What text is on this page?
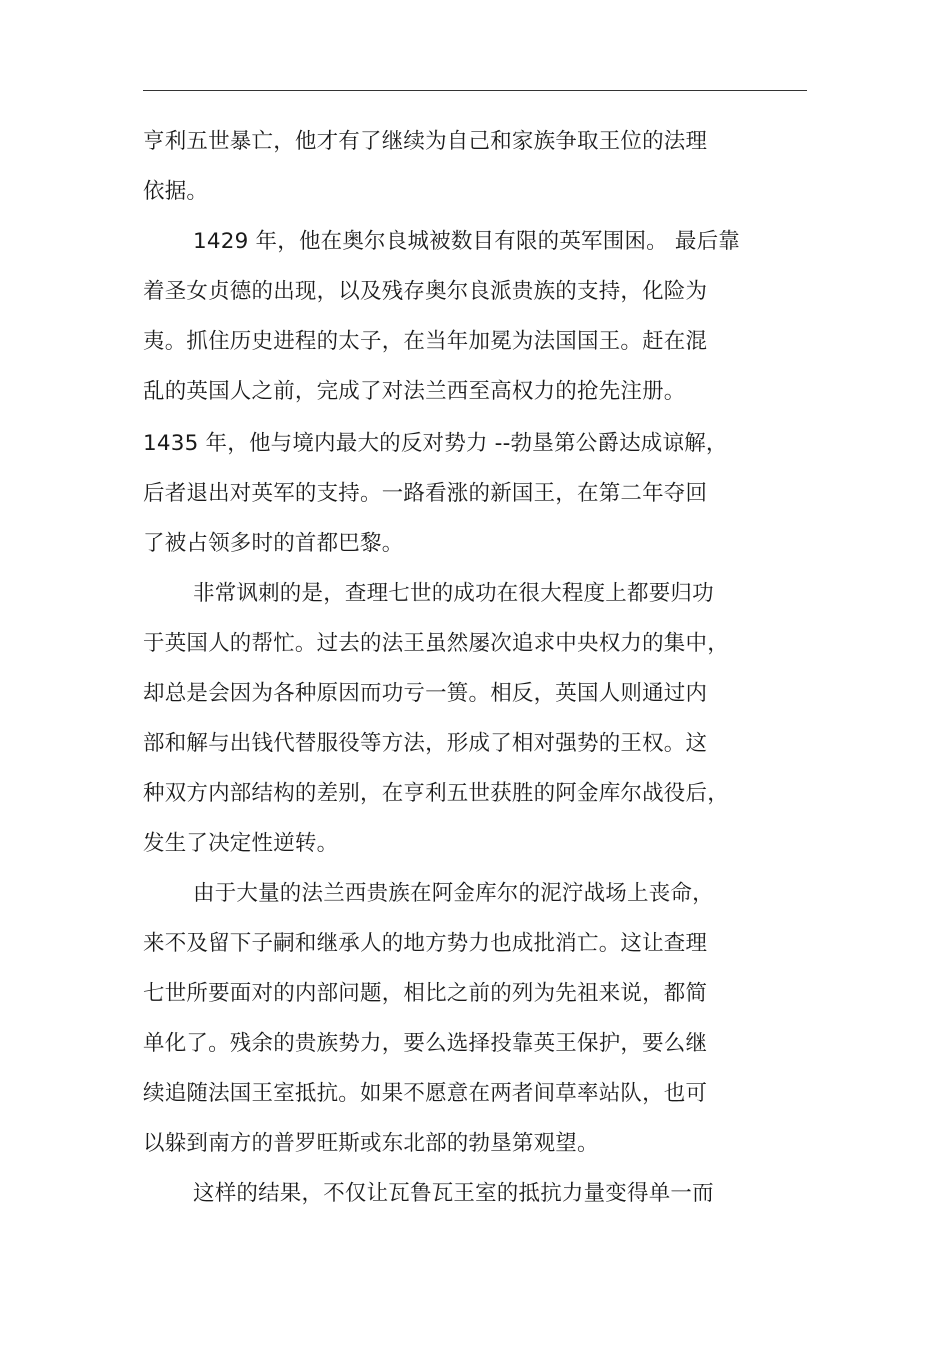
亨利五世暴亡，他才有了继续为自己和家族争取王位的法理
依据。
1429 年，他在奥尔良城被数目有限的英军围困。 最后靠
着圣女贞德的出现，以及残存奥尔良派贵族的支持，化险为
夷。抓住历史进程的太子，在当年加冕为法国国王。赶在混
乱的英国人之前，完成了对法兰西至高权力的抢先注册。
1435 年，他与境内最大的反对势力 --勃垦第公爵达成谅解，
后者退出对英军的支持。一路看涨的新国王，在第二年夺回
了被占领多时的首都巴黎。
非常讽刺的是，查理七世的成功在很大程度上都要归功
于英国人的帮忙。过去的法王虽然屡次追求中央权力的集中，
却总是会因为各种原因而功亏一篑。相反，英国人则通过内
部和解与出钱代替服役等方法，形成了相对强势的王权。这
种双方内部结构的差别，在亨利五世获胜的阿金库尔战役后，
发生了决定性逆转。
由于大量的法兰西贵族在阿金库尔的泥泞战场上丧命，
来不及留下子嗣和继承人的地方势力也成批消亡。这让查理
七世所要面对的内部问题，相比之前的列为先祖来说，都简
单化了。残余的贵族势力，要么选择投靠英王保护，要么继
续追随法国王室抵抗。如果不愿意在两者间草率站队，也可
以躲到南方的普罗旺斯或东北部的勃垦第观望。
这样的结果，不仅让瓦鲁瓦王室的抵抗力量变得单一而
